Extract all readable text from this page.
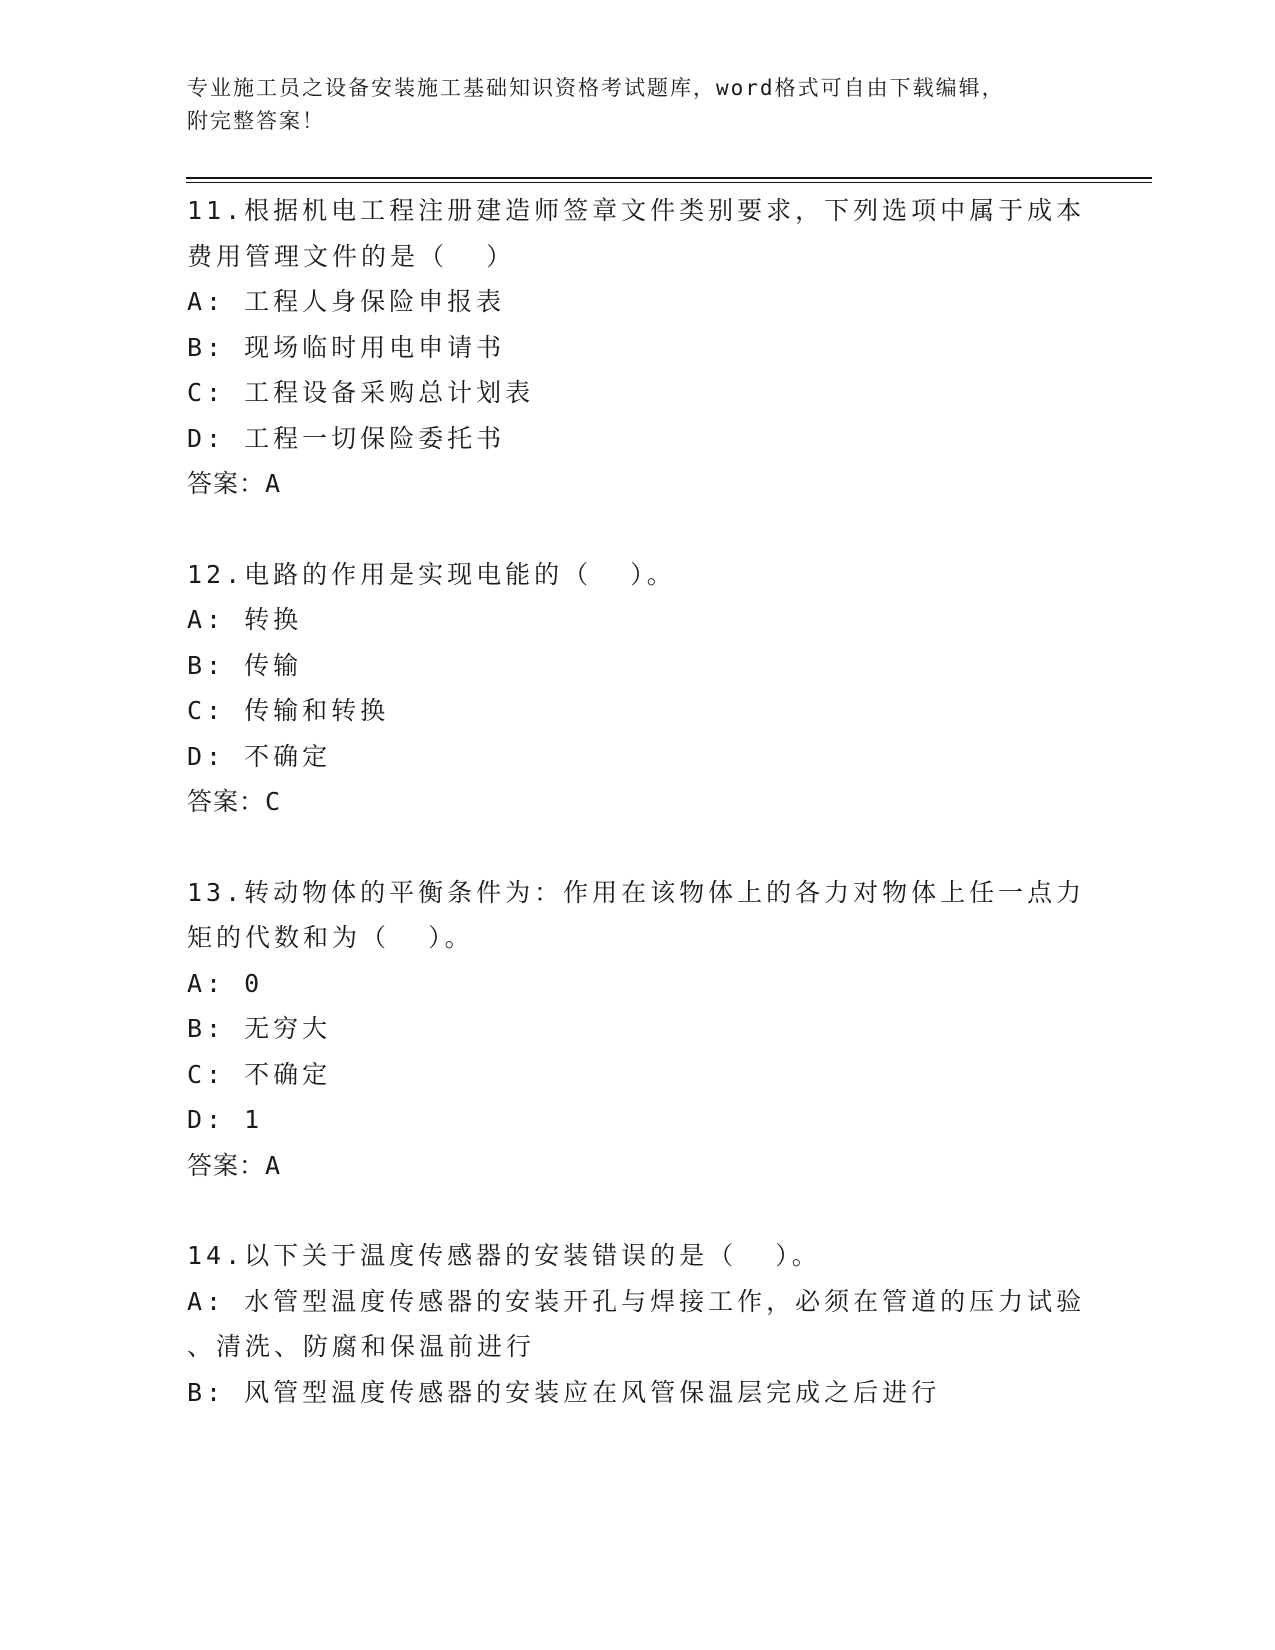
专业施工员之设备安装施工基础知识资格考试题库，word格式可自由下载编辑，
附完整答案！
11.根据机电工程注册建造师签章文件类别要求，下列选项中属于成本
费用管理文件的是（  ）
A: 工程人身保险申报表
B: 现场临时用电申请书
C: 工程设备采购总计划表
D: 工程一切保险委托书
答案：A
12.电路的作用是实现电能的（  ）。
A: 转换
B: 传输
C: 传输和转换
D: 不确定
答案：C
13.转动物体的平衡条件为：作用在该物体上的各力对物体上任一点力
矩的代数和为（  ）。
A: 0
B: 无穷大
C: 不确定
D: 1
答案：A
14.以下关于温度传感器的安装错误的是（  ）。
A: 水管型温度传感器的安装开孔与焊接工作，必须在管道的压力试验
、清洗、防腐和保温前进行
B: 风管型温度传感器的安装应在风管保温层完成之后进行
